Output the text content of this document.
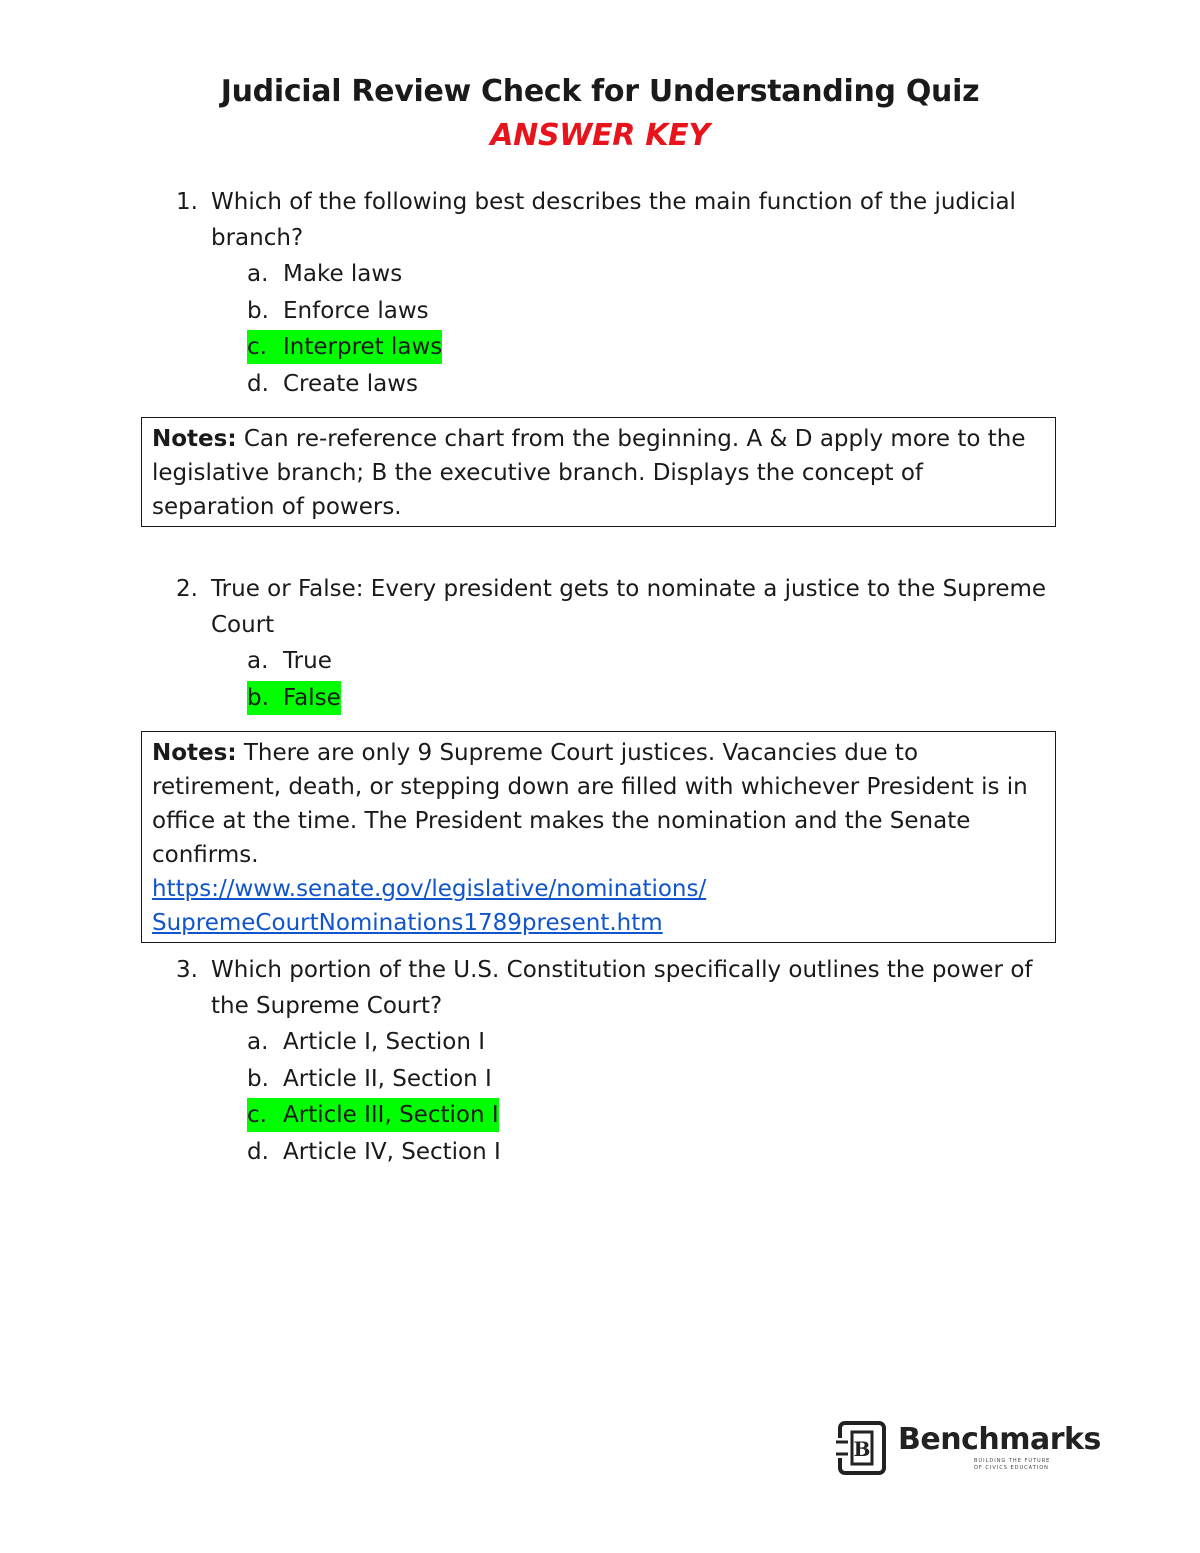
Judicial Review Check for Understanding Quiz
ANSWER KEY
1. Which of the following best describes the main function of the judicial branch?
a. Make laws
b. Enforce laws
c. Interpret laws
d. Create laws
Notes: Can re-reference chart from the beginning. A & D apply more to the legislative branch; B the executive branch. Displays the concept of separation of powers.
2. True or False: Every president gets to nominate a justice to the Supreme Court
a. True
b. False
Notes: There are only 9 Supreme Court justices. Vacancies due to retirement, death, or stepping down are filled with whichever President is in office at the time. The President makes the nomination and the Senate confirms.
https://www.senate.gov/legislative/nominations/
SupremeCourtNominations1789present.htm
3. Which portion of the U.S. Constitution specifically outlines the power of the Supreme Court?
a. Article I, Section I
b. Article II, Section I
c. Article III, Section I
d. Article IV, Section I
B Benchmarks
BUILDING THE FUTURE
OF CIVICS EDUCATION
